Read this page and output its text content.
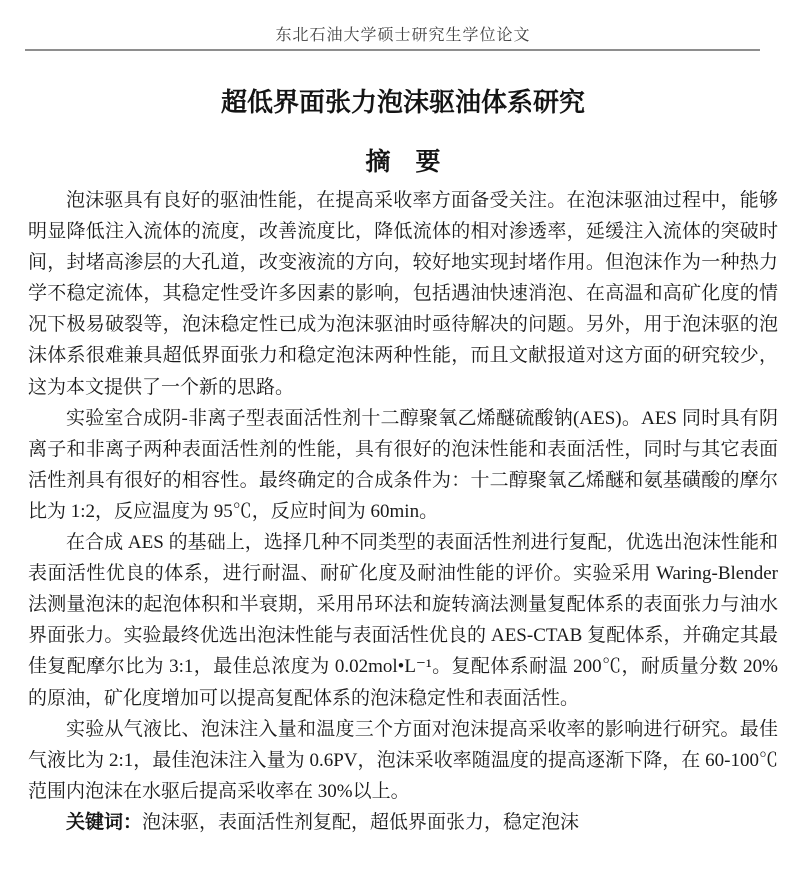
东北石油大学硕士研究生学位论文
超低界面张力泡沫驱油体系研究
摘　要

泡沫驱具有良好的驱油性能，在提高采收率方面备受关注。在泡沫驱油过程中，能够明显降低注入流体的流度，改善流度比，降低流体的相对渗透率，延缓注入流体的突破时间，封堵高渗层的大孔道，改变液流的方向，较好地实现封堵作用。但泡沫作为一种热力学不稳定流体，其稳定性受许多因素的影响，包括遇油快速消泡、在高温和高矿化度的情况下极易破裂等，泡沫稳定性已成为泡沫驱油时亟待解决的问题。另外，用于泡沫驱的泡沫体系很难兼具超低界面张力和稳定泡沫两种性能，而且文献报道对这方面的研究较少，这为本文提供了一个新的思路。

实验室合成阴-非离子型表面活性剂十二醇聚氧乙烯醚硫酸钠(AES)。AES 同时具有阴离子和非离子两种表面活性剂的性能，具有很好的泡沫性能和表面活性，同时与其它表面活性剂具有很好的相容性。最终确定的合成条件为：十二醇聚氧乙烯醚和氨基磺酸的摩尔比为 1:2，反应温度为 95℃，反应时间为 60min。

在合成 AES 的基础上，选择几种不同类型的表面活性剂进行复配，优选出泡沫性能和表面活性优良的体系，进行耐温、耐矿化度及耐油性能的评价。实验采用 Waring-Blender 法测量泡沫的起泡体积和半衰期，采用吊环法和旋转滴法测量复配体系的表面张力与油水界面张力。实验最终优选出泡沫性能与表面活性优良的 AES-CTAB 复配体系，并确定其最佳复配摩尔比为 3:1，最佳总浓度为 0.02mol•L⁻¹。复配体系耐温 200℃，耐质量分数 20%的原油，矿化度增加可以提高复配体系的泡沫稳定性和表面活性。

实验从气液比、泡沫注入量和温度三个方面对泡沫提高采收率的影响进行研究。最佳气液比为 2:1，最佳泡沫注入量为 0.6PV，泡沫采收率随温度的提高逐渐下降，在 60-100℃范围内泡沫在水驱后提高采收率在 30%以上。

关键词：泡沫驱，表面活性剂复配，超低界面张力，稳定泡沫
